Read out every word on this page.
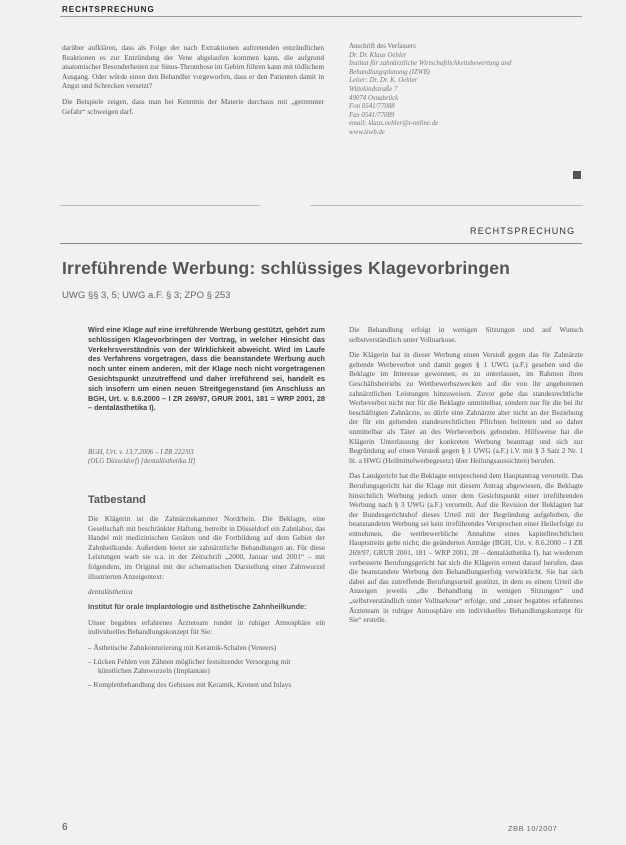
RECHTSPRECHUNG

darüber aufklären, dass als Folge der nach Extraktionen auftretenden entzündlichen Reaktionen es zur Entzündung der Vene abgelaufen kommen kann, die aufgrund anatomischer Besonderheiten zur Sinus-Thrombose im Gehirn führen kann mit tödlichem Ausgang. Oder würde einen den Behandler vorgeworfen, dass er den Patienten damit in Angst und Schrecken versetzt?

Die Beispiele zeigen, dass man bei Kenntnis der Materie durchaus mit „getrennter Gefahr“ schweigen darf.

Anschrift des Verfassers
Dr. Dr. Klaus Oehler
Institut für zahnärztliche Wirtschaftlichkeitsbewertung und
Behandlungsplanung (IZWB)
Leiter: Dr. Dr. K. Oehler
Wittekindstraße 7
49074 Osnabrück
Fon 0541/77088
Fax 0541/77089
email: klaus.oehler@t-online.de
www.izwb.de
RECHTSPRECHUNG
Irreführende Werbung: schlüssiges Klagevorbringen
UWG §§ 3, 5; UWG a.F. § 3; ZPO § 253
Wird eine Klage auf eine irreführende Werbung gestützt, gehört zum schlüssigen Klagevorbringen der Vortrag, in welcher Hinsicht das Verkehrsverständnis von der Wirklichkeit abweicht. Wird im Laufe des Verfahrens vorgetragen, dass die beanstandete Werbung auch noch unter einem anderen, mit der Klage noch nicht vorgetragenen Gesichtspunkt unzutreffend und daher irreführend sei, handelt es sich insofern um einen neuen Streitgegenstand (im Anschluss an BGH, Urt. v. 8.6.2000 – I ZR 269/97, GRUR 2001, 181 = WRP 2001, 28 – dentalästhetika I).
BGH, Urt. v. 13.7.2006 – I ZR 222/03
(OLG Düsseldorf) [dentalästhetika II]
Tatbestand

Die Klägerin ist die Zahnärztekammer Nordrhein. Die Beklagte, eine Gesellschaft mit beschränkter Haftung, betreibt in Düsseldorf ein Zahnlabor, das Handel mit medizinischen Geräten und die Fortbildung auf dem Gebiet der Zahnheilkunde. Außerdem bietet sie zahnärztliche Behandlungen an. Für diese Leistungen warb sie u.a. in der Zeitschrift „2000, Januar und 2001“ – mit folgendem, im Original mit der schematischen Darstellung einer Zahnwurzel illustrierten Anzeigentext:

dentalästhetica

Institut für orale Implantologie und ästhetische Zahnheilkunde:

Unser begabtes erfahrenes Ärzteteam rundet in ruhiger Atmosphäre ein individuelles Behandlungskonzept für Sie:

– Ästhetische Zahnkonturierung mit Keramik-Schalen (Veneers)
– Lücken Fehlen von Zähnen möglicher festsitzender Versorgung mit künstlichen Zahnwurzeln (Implantate)
– Komplettbehandlung des Gebisses mit Keramik, Kronen und Inlays

Die Behandlung erfolgt in wenigen Sitzungen und auf Wunsch selbstverständlich unter Vollnarkose.

Die Klägerin hat in dieser Werbung einen Verstoß gegen das für Zahnärzte geltende Werbeverbot und damit gegen § 1 UWG (a.F.) gesehen und die Beklagte im Interesse gewonnen, es zu unterlassen, im Rahmen ihres Geschäftsbetriebs zu Wettbewerbszwecken auf die von ihr angebotenen zahnärztlichen Leistungen hinzuweisen. Zuvor gehe das standesrechtliche Werbeverbot nicht nur für die Beklagte unmittelbar, sondern nur für die bei ihr beschäftigten Zahnärzte, so dürfe eine Zahnärzte aber nicht an der Beziehung der für ein geltenden standesrechtlichen Pflichten beitreten und so daher unmittelbar als Täter an des Werbeverbots gebunden. Hilfsweise hat die Klägerin Unterlassung der konkreten Werbung beantragt und sich zur Begründung auf einen Verstoß gegen § 1 UWG (a.F.) i.V. mit § 3 Satz 2 Nr. 1 lit. a HWG (Heilmittelwerbegesetz) über Heilungsaussichten) berufen.

Das Landgericht hat die Beklagte entsprechend dem Hauptantrag verurteilt. Das Berufungsgericht hat die Klage mit diesem Antrag abgewiesen, die Beklagte hinsichtlich Werbung jedoch unter dem Gesichtspunkt einer irreführenden Werbung nach § 3 UWG (a.F.) verurteilt. Auf die Revision der Beklagten hat der Bundesgerichtshof dieses Urteil mit der Begründung aufgehoben, die beanstandeten Werbung sei kein irreführendes Versprechen einer Heilerfolge zu entnehmen, die wettbewerbliche Annahme eines kapitellrechtlichen Hauptstreits gelte nicht; die geänderten Anträge (BGH, Urt. v. 8.6.2000 – I ZR 269/97, GRUR 2001, 181 – WRP 2001, 28 – dentalästhetika I), hat wiederum verbesserte Berufungsgericht hat sich die Klägerin erneut darauf berufen, dass die beanstandete Werbung den Behandlungserfolg verwirklicht. Sie hat sich dabei auf das zutreffende Berufungsurteil gestützt, in dem es einem Urteil die Anzeigen jeweils „die Behandlung in wenigen Sitzungen“ und „selbstverständlich unter Vollnarkose“ erfolge, und „unser begabtes erfahrenes Ärzteteam in ruhiger Atmosphäre ein individuelles Behandlungskonzept für Sie“ erstelle.

6	ZBB 10/2007
